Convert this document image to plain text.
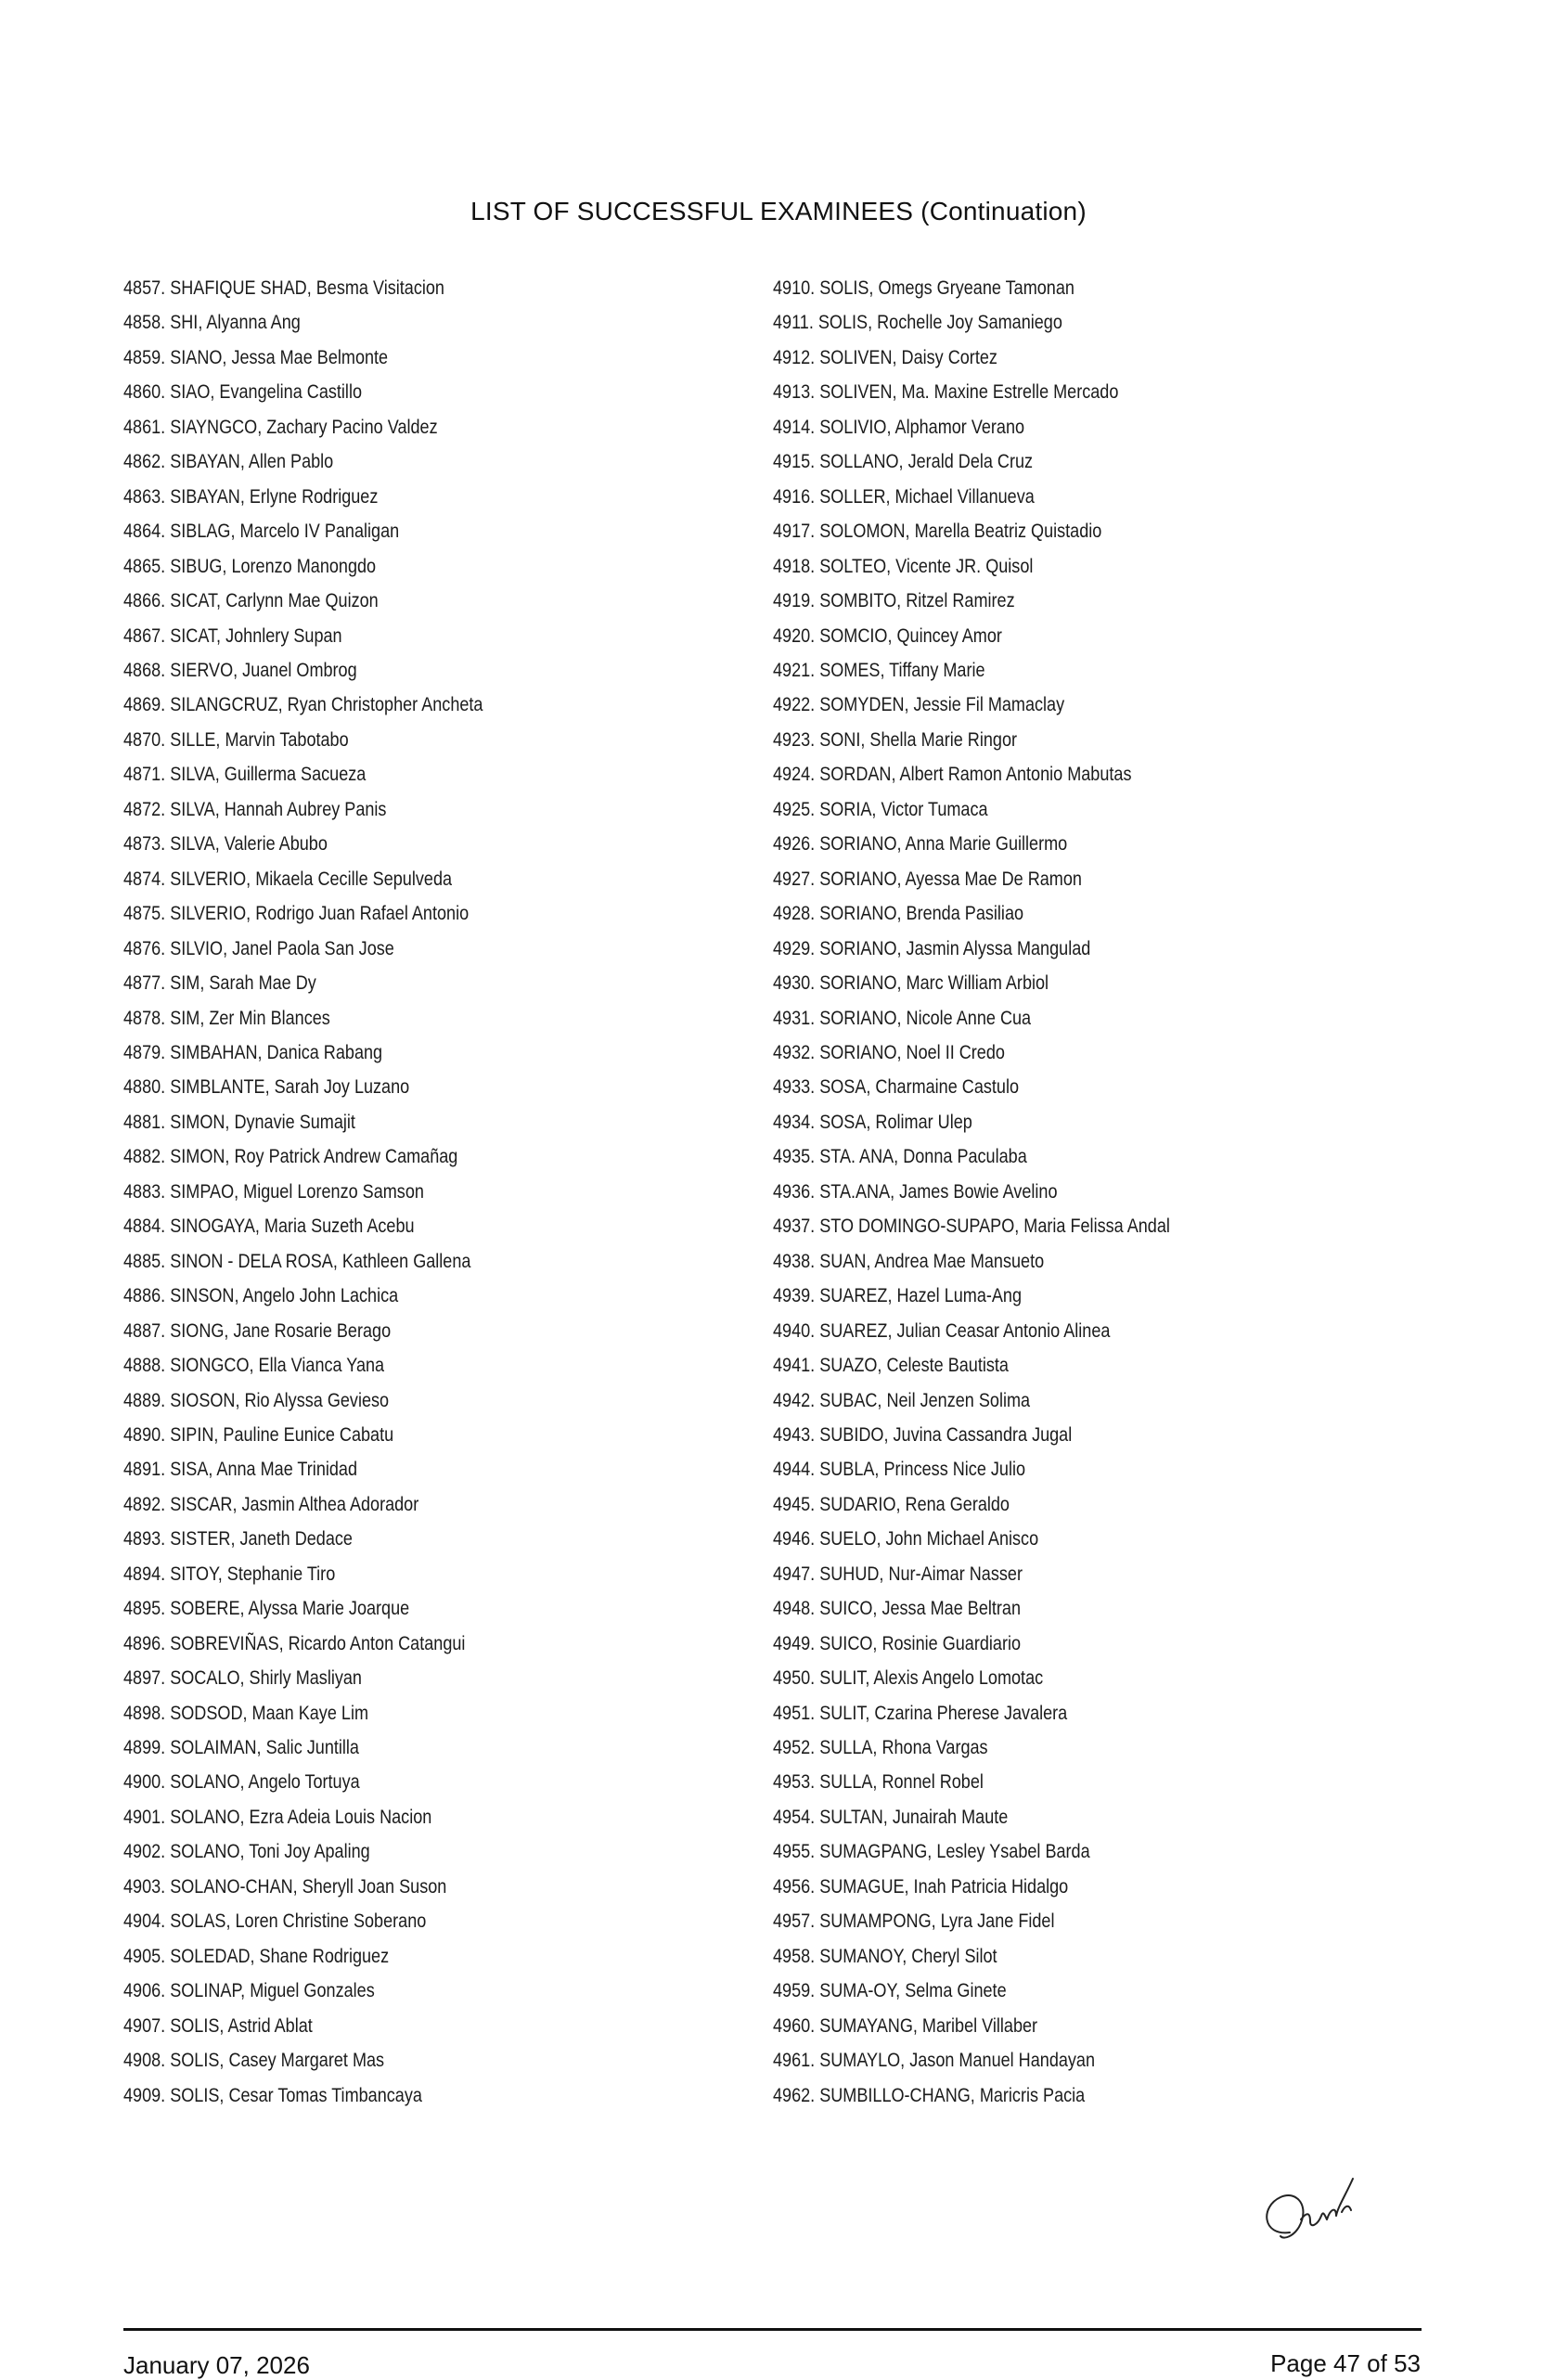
LIST OF SUCCESSFUL EXAMINEES (Continuation)
4857. SHAFIQUE SHAD, Besma Visitacion
4858. SHI, Alyanna Ang
4859. SIANO, Jessa Mae Belmonte
4860. SIAO, Evangelina Castillo
4861. SIAYNGCO, Zachary Pacino Valdez
4862. SIBAYAN, Allen Pablo
4863. SIBAYAN, Erlyne Rodriguez
4864. SIBLAG, Marcelo IV Panaligan
4865. SIBUG, Lorenzo Manongdo
4866. SICAT, Carlynn Mae Quizon
4867. SICAT, Johnlery Supan
4868. SIERVO, Juanel Ombrog
4869. SILANGCRUZ, Ryan Christopher Ancheta
4870. SILLE, Marvin Tabotabo
4871. SILVA, Guillerma Sacueza
4872. SILVA, Hannah Aubrey Panis
4873. SILVA, Valerie Abubo
4874. SILVERIO, Mikaela Cecille Sepulveda
4875. SILVERIO, Rodrigo Juan Rafael Antonio
4876. SILVIO, Janel Paola San Jose
4877. SIM, Sarah Mae Dy
4878. SIM, Zer Min Blances
4879. SIMBAHAN, Danica Rabang
4880. SIMBLANTE, Sarah Joy Luzano
4881. SIMON, Dynavie Sumajit
4882. SIMON, Roy Patrick Andrew Camañag
4883. SIMPAO, Miguel Lorenzo Samson
4884. SINOGAYA, Maria Suzeth Acebu
4885. SINON - DELA ROSA, Kathleen Gallena
4886. SINSON, Angelo John Lachica
4887. SIONG, Jane Rosarie Berago
4888. SIONGCO, Ella Vianca Yana
4889. SIOSON, Rio Alyssa Gevieso
4890. SIPIN, Pauline Eunice Cabatu
4891. SISA, Anna Mae Trinidad
4892. SISCAR, Jasmin Althea Adorador
4893. SISTER, Janeth Dedace
4894. SITOY, Stephanie Tiro
4895. SOBERE, Alyssa Marie Joarque
4896. SOBREVIÑAS, Ricardo Anton Catangui
4897. SOCALO, Shirly Masliyan
4898. SODSOD, Maan Kaye Lim
4899. SOLAIMAN, Salic Juntilla
4900. SOLANO, Angelo Tortuya
4901. SOLANO, Ezra Adeia Louis Nacion
4902. SOLANO, Toni Joy Apaling
4903. SOLANO-CHAN, Sheryll Joan Suson
4904. SOLAS, Loren Christine Soberano
4905. SOLEDAD, Shane Rodriguez
4906. SOLINAP, Miguel Gonzales
4907. SOLIS, Astrid Ablat
4908. SOLIS, Casey Margaret Mas
4909. SOLIS, Cesar Tomas Timbancaya
4910. SOLIS, Omegs Gryeane Tamonan
4911. SOLIS, Rochelle Joy Samaniego
4912. SOLIVEN, Daisy Cortez
4913. SOLIVEN, Ma. Maxine Estrelle Mercado
4914. SOLIVIO, Alphamor Verano
4915. SOLLANO, Jerald Dela Cruz
4916. SOLLER, Michael Villanueva
4917. SOLOMON, Marella Beatriz Quistadio
4918. SOLTEO, Vicente JR. Quisol
4919. SOMBITO, Ritzel Ramirez
4920. SOMCIO, Quincey Amor
4921. SOMES, Tiffany Marie
4922. SOMYDEN, Jessie Fil Mamaclay
4923. SONI, Shella Marie Ringor
4924. SORDAN, Albert Ramon Antonio Mabutas
4925. SORIA, Victor Tumaca
4926. SORIANO, Anna Marie Guillermo
4927. SORIANO, Ayessa Mae De Ramon
4928. SORIANO, Brenda Pasiliao
4929. SORIANO, Jasmin Alyssa Mangulad
4930. SORIANO, Marc William Arbiol
4931. SORIANO, Nicole Anne Cua
4932. SORIANO, Noel II Credo
4933. SOSA, Charmaine Castulo
4934. SOSA, Rolimar Ulep
4935. STA. ANA, Donna Paculaba
4936. STA.ANA, James Bowie Avelino
4937. STO DOMINGO-SUPAPO, Maria Felissa Andal
4938. SUAN, Andrea Mae Mansueto
4939. SUAREZ, Hazel Luma-Ang
4940. SUAREZ, Julian Ceasar Antonio Alinea
4941. SUAZO, Celeste Bautista
4942. SUBAC, Neil Jenzen Solima
4943. SUBIDO, Juvina Cassandra Jugal
4944. SUBLA, Princess Nice Julio
4945. SUDARIO, Rena Geraldo
4946. SUELO, John Michael Anisco
4947. SUHUD, Nur-Aimar Nasser
4948. SUICO, Jessa Mae Beltran
4949. SUICO, Rosinie Guardiario
4950. SULIT, Alexis Angelo Lomotac
4951. SULIT, Czarina Pherese Javalera
4952. SULLA, Rhona Vargas
4953. SULLA, Ronnel Robel
4954. SULTAN, Junairah Maute
4955. SUMAGPANG, Lesley Ysabel Barda
4956. SUMAGUE, Inah Patricia Hidalgo
4957. SUMAMPONG, Lyra Jane Fidel
4958. SUMANOY, Cheryl Silot
4959. SUMA-OY, Selma Ginete
4960. SUMAYANG, Maribel Villaber
4961. SUMAYLO, Jason Manuel Handayan
4962. SUMBILLO-CHANG, Maricris Pacia
January 07, 2026	Page 47 of 53
